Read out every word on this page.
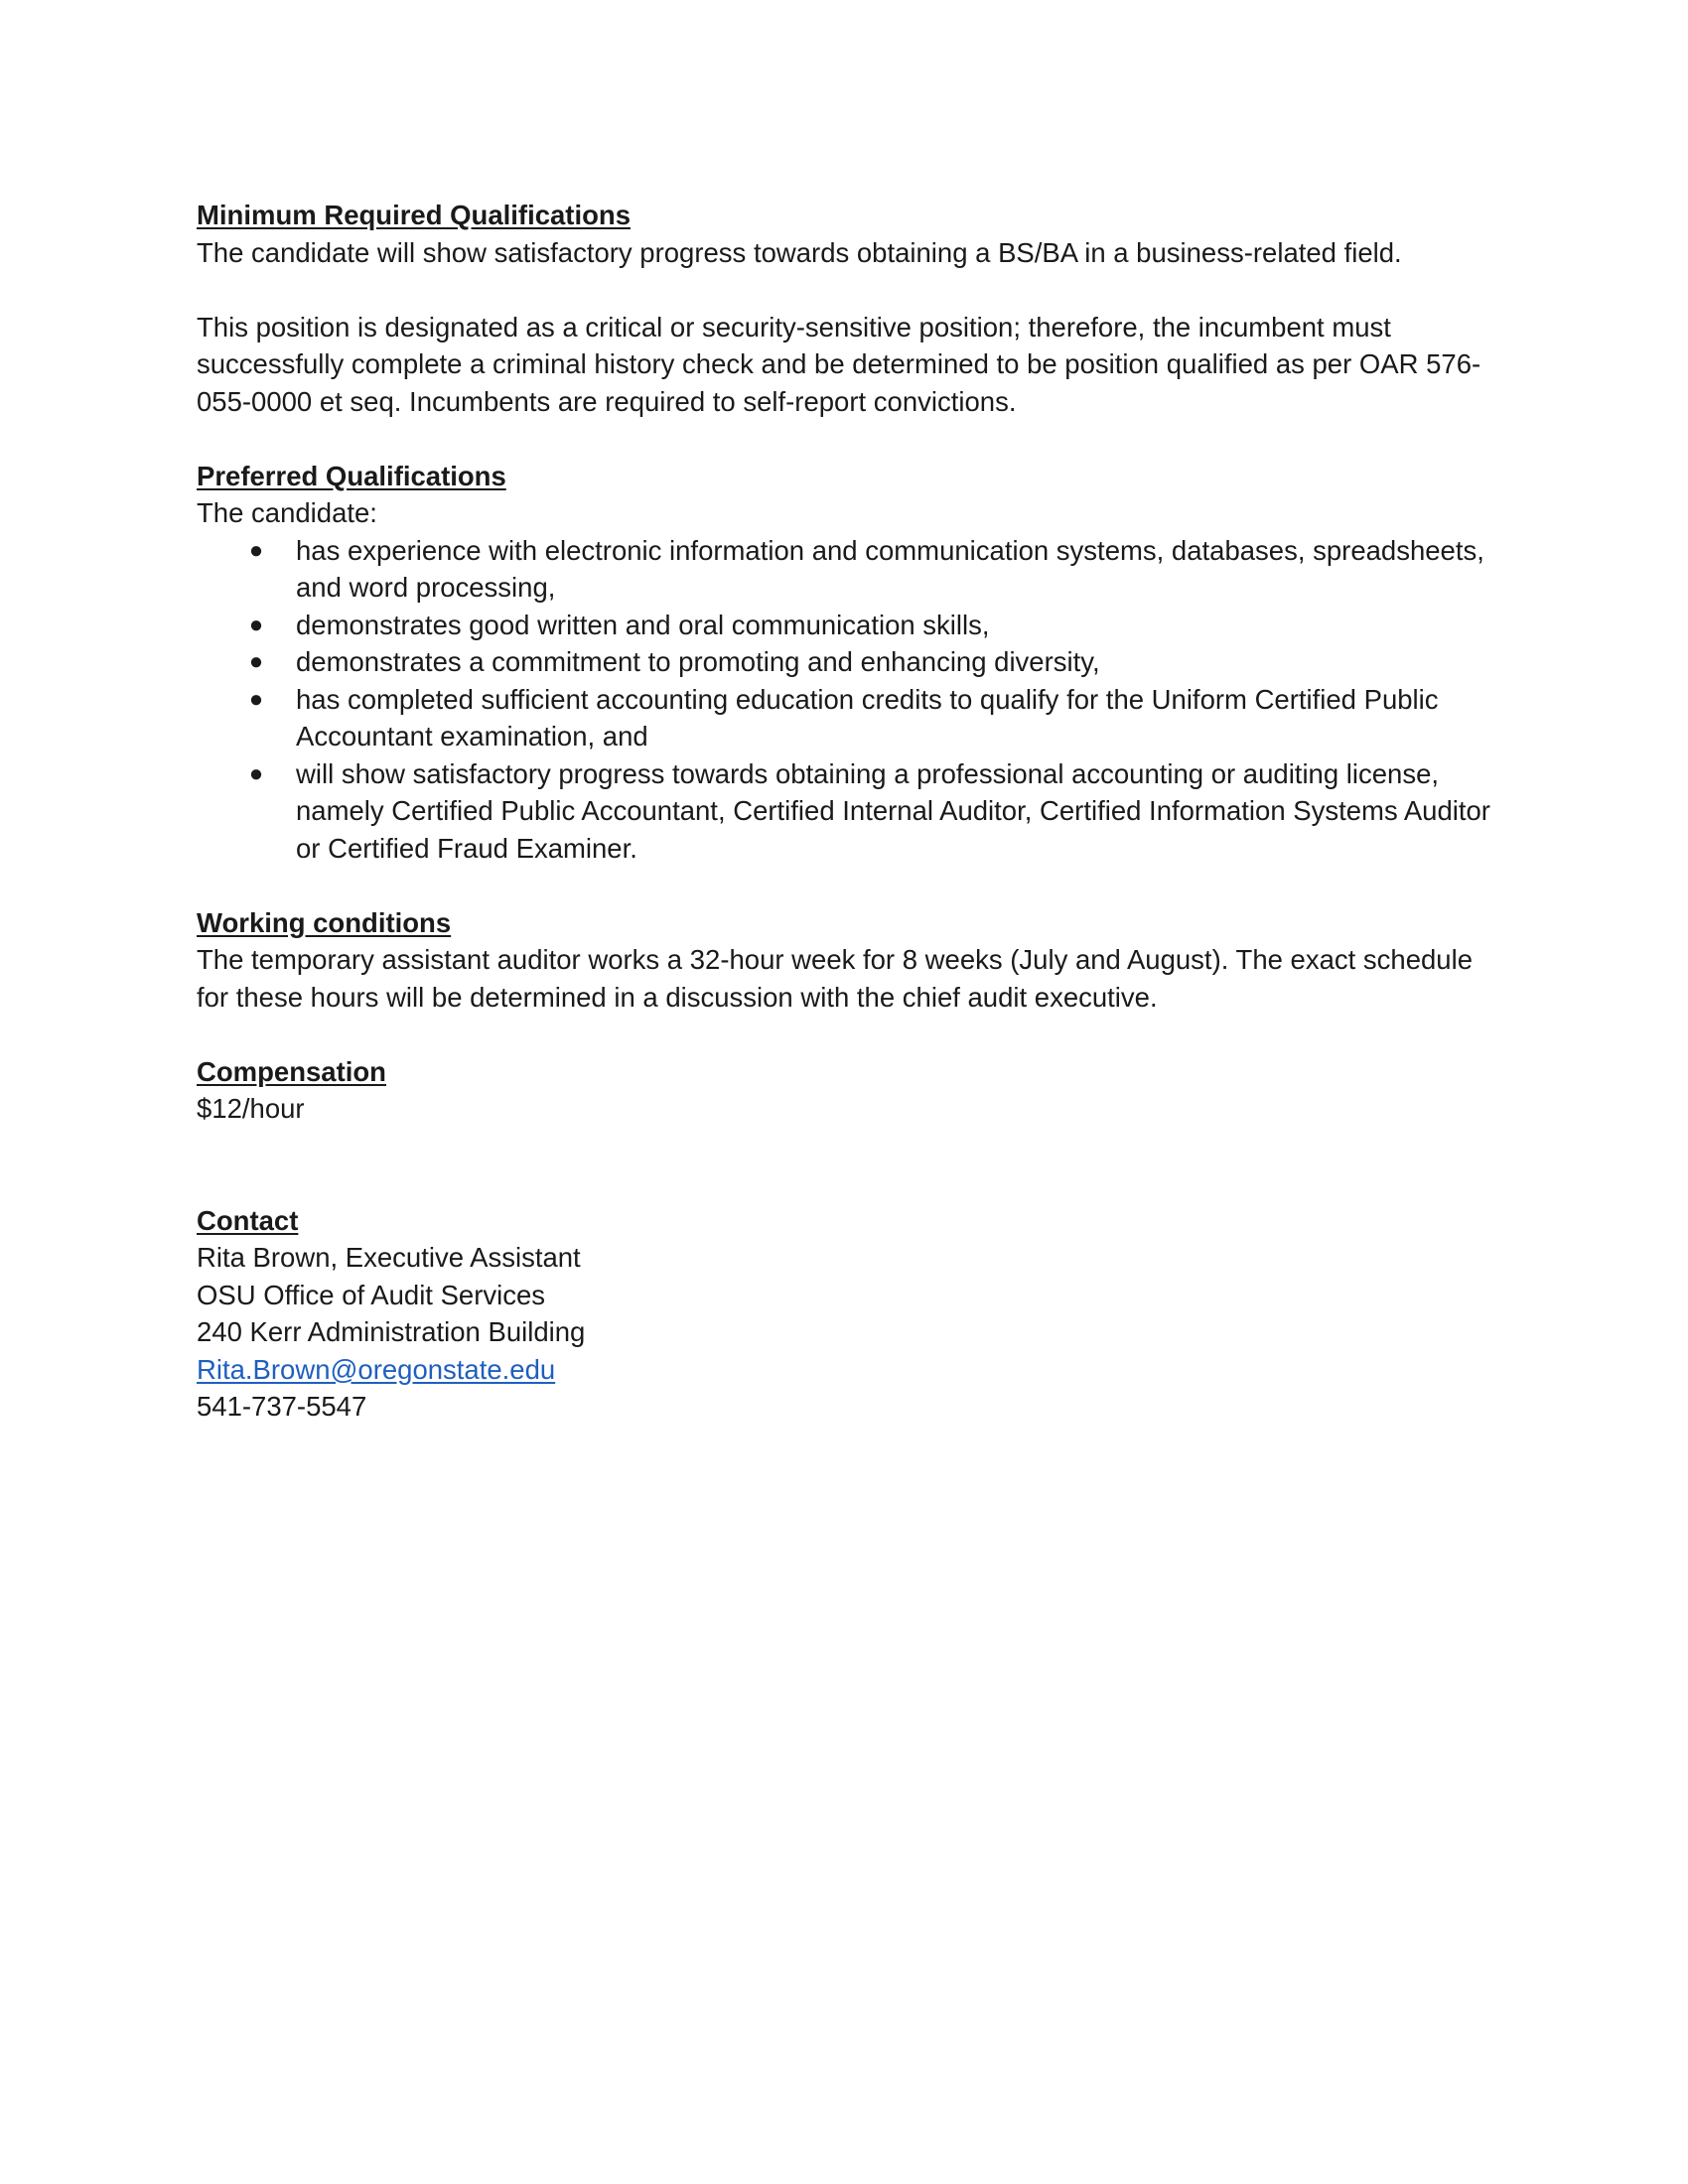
Minimum Required Qualifications
The candidate will show satisfactory progress towards obtaining a BS/BA in a business-related field.
This position is designated as a critical or security-sensitive position; therefore, the incumbent must successfully complete a criminal history check and be determined to be position qualified as per OAR 576-055-0000 et seq. Incumbents are required to self-report convictions.
Preferred Qualifications
The candidate:
● has experience with electronic information and communication systems, databases, spreadsheets, and word processing,
● demonstrates good written and oral communication skills,
● demonstrates a commitment to promoting and enhancing diversity,
● has completed sufficient accounting education credits to qualify for the Uniform Certified Public Accountant examination, and
● will show satisfactory progress towards obtaining a professional accounting or auditing license, namely Certified Public Accountant, Certified Internal Auditor, Certified Information Systems Auditor or Certified Fraud Examiner.
Working conditions
The temporary assistant auditor works a 32-hour week for 8 weeks (July and August). The exact schedule for these hours will be determined in a discussion with the chief audit executive.
Compensation
$12/hour
Contact
Rita Brown, Executive Assistant
OSU Office of Audit Services
240 Kerr Administration Building
Rita.Brown@oregonstate.edu
541-737-5547
